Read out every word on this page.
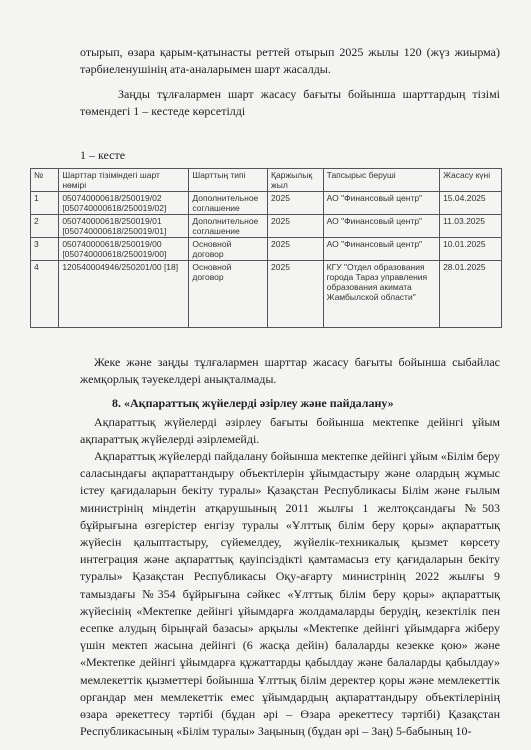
отырып, өзара қарым-қатынасты реттей отырып 2025 жылы 120 (жүз жиырма) тәрбиеленушінің ата-аналарымен шарт жасалды.
Заңды тұлғалармен шарт жасасу бағыты бойынша шарттардың тізімі төмендегі 1 – кестеде көрсетілді
1 – кесте
№	Шарттар тізіміндегі шарт нөмірі	Шарттың типі	Қаржылық жыл	Тапсырыс беруші	Жасасу күні
1	050740000618/250019/02 [050740000618/250019/02]	Дополнительное соглашение	2025	АО "Финансовый центр"	15.04.2025
2	050740000618/250019/01 [050740000618/250019/01]	Дополнительное соглашение	2025	АО "Финансовый центр"	11.03.2025
3	050740000618/250019/00 [050740000618/250019/00]	Основной договор	2025	АО "Финансовый центр"	10.01.2025
4	120540004946/250201/00 [18]	Основной договор	2025	КГУ "Отдел образования города Тараз управления образования акимата Жамбылской области"	28.01.2025
Жеке және заңды тұлғалармен шарттар жасасу бағыты бойынша сыбайлас жемқорлық тәуекелдері анықталмады.
8. «Ақпараттық жүйелерді әзірлеу және пайдалану»
Ақпараттық жүйелерді әзірлеу бағыты бойынша мектепке дейінгі ұйым ақпараттық жүйелерді әзірлемейді.
Ақпараттық жүйелерді пайдалану бойынша мектепке дейінгі ұйым «Білім беру саласындағы ақпараттандыру объектілерін ұйымдастыру және олардың жұмыс істеу қағидаларын бекіту туралы» Қазақстан Республикасы Білім және ғылым министрінің міндетін атқарушының 2011 жылғы 1 желтоқсандағы №503 бұйрығына өзгерістер енгізу туралы «Ұлттық білім беру қоры» ақпараттық жүйесін қалыптастыру, сүйемелдеу, жүйелік-техникалық қызмет көрсету интеграция және ақпараттық қауіпсіздікті қамтамасыз ету қағидаларын бекіту туралы» Қазақстан Республикасы Оқу-ағарту министрінің 2022 жылғы 9 тамыздағы №354 бұйрығына сәйкес «Ұлттық білім беру қоры» ақпараттық жүйесінің «Мектепке дейінгі ұйымдарға жолдамаларды берудің, кезектілік пен есепке алудың бірыңғай базасы» арқылы «Мектепке дейінгі ұйымдарға жіберу үшін мектеп жасына дейінгі (6 жасқа дейін) балаларды кезекке қою» және «Мектепке дейінгі ұйымдарға құжаттарды қабылдау және балаларды қабылдау» мемлекеттік қызметтері бойынша Ұлттық білім деректер қоры және мемлекеттік органдар мен мемлекеттік емес ұйымдардың ақпараттандыру объектілерінің өзара әрекеттесу тәртібі (бұдан әрі – Өзара әрекеттесу тәртібі) Қазақстан Республикасының «Білім туралы» Заңының (бұдан әрі – Заң) 5-бабының 10-
